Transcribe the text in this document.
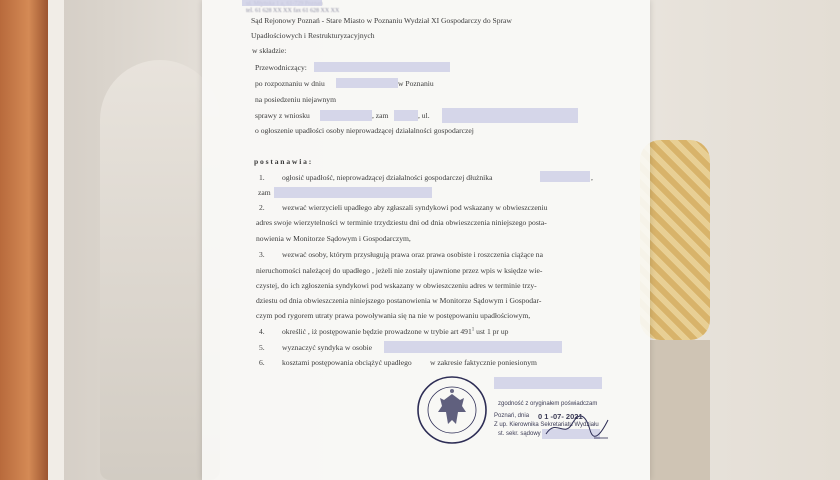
tel. 61 628 XX XX fax 61 628 XX XX
Sąd Rejonowy Poznań - Stare Miasto w Poznaniu Wydział XI Gospodarczy do Spraw
Upadłościowych i Restrukturyzacyjnych
w składzie:
Przewodniczący:
po rozpoznaniu w dniu	w Poznaniu
na posiedzeniu niejawnym
sprawy z wniosku	, zam	, ul.
o ogłoszenie upadłości osoby nieprowadzącej działalności gospodarczej
postanawia:
1. ogłosić upadłość, nieprowadzącej działalności gospodarczej dłużnika	,
zam
2. wezwać wierzycieli upadłego aby zgłaszali syndykowi pod wskazany w obwieszczeniu
adres swoje wierzytelności w terminie trzydziestu dni od dnia obwieszczenia niniejszego posta-
nowienia w Monitorze Sądowym i Gospodarczym,
3. wezwać osoby, którym przysługują prawa oraz prawa osobiste i roszczenia ciążące na
nieruchomości należącej do upadłego , jeżeli nie zostały ujawnione przez wpis w księdze wie-
czystej, do ich zgłoszenia syndykowi pod wskazany w obwieszczeniu adres w terminie trzy-
dziestu od dnia obwieszczenia niniejszego postanowienia w Monitorze Sądowym i Gospodar-
czym pod rygorem utraty prawa powoływania się na nie w postępowaniu upadłościowym,
4. określić , iż postępowanie będzie prowadzone w trybie art $491^1$ ust 1 pr up
5. wyznaczyć syndyka w osobie
6. kosztami postępowania obciążyć upadłego w zakresie faktycznie poniesionym
zgodność z oryginałem poświadczam
Poznań, dnia 0 1 -07- 2021
Z up. Kierownika Sekretariatu Wydziału
st. sekr. sądowy
